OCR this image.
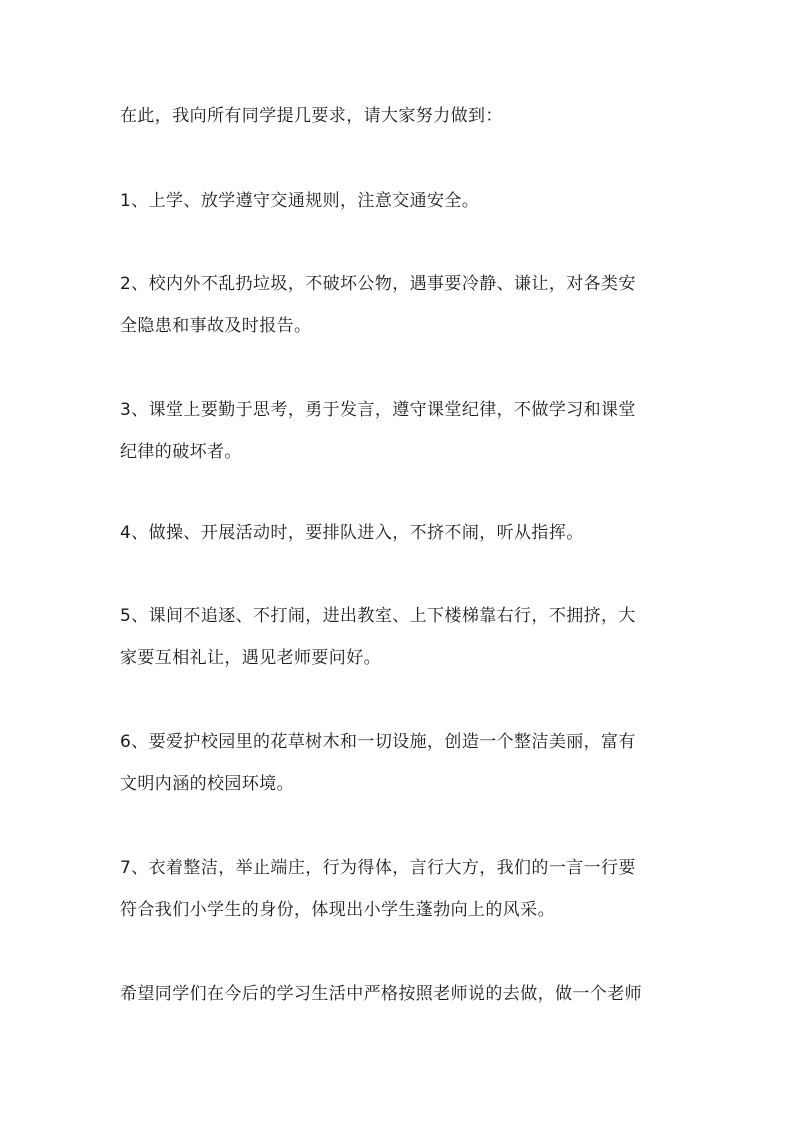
在此，我向所有同学提几要求，请大家努力做到：
1、上学、放学遵守交通规则，注意交通安全。
2、校内外不乱扔垃圾，不破坏公物，遇事要冷静、谦让，对各类安
全隐患和事故及时报告。
3、课堂上要勤于思考，勇于发言，遵守课堂纪律，不做学习和课堂
纪律的破坏者。
4、做操、开展活动时，要排队进入，不挤不闹，听从指挥。
5、课间不追逐、不打闹，进出教室、上下楼梯靠右行，不拥挤，大
家要互相礼让，遇见老师要问好。
6、要爱护校园里的花草树木和一切设施，创造一个整洁美丽，富有
文明内涵的校园环境。
7、衣着整洁，举止端庄，行为得体，言行大方，我们的一言一行要
符合我们小学生的身份，体现出小学生蓬勃向上的风采。
希望同学们在今后的学习生活中严格按照老师说的去做，做一个老师
